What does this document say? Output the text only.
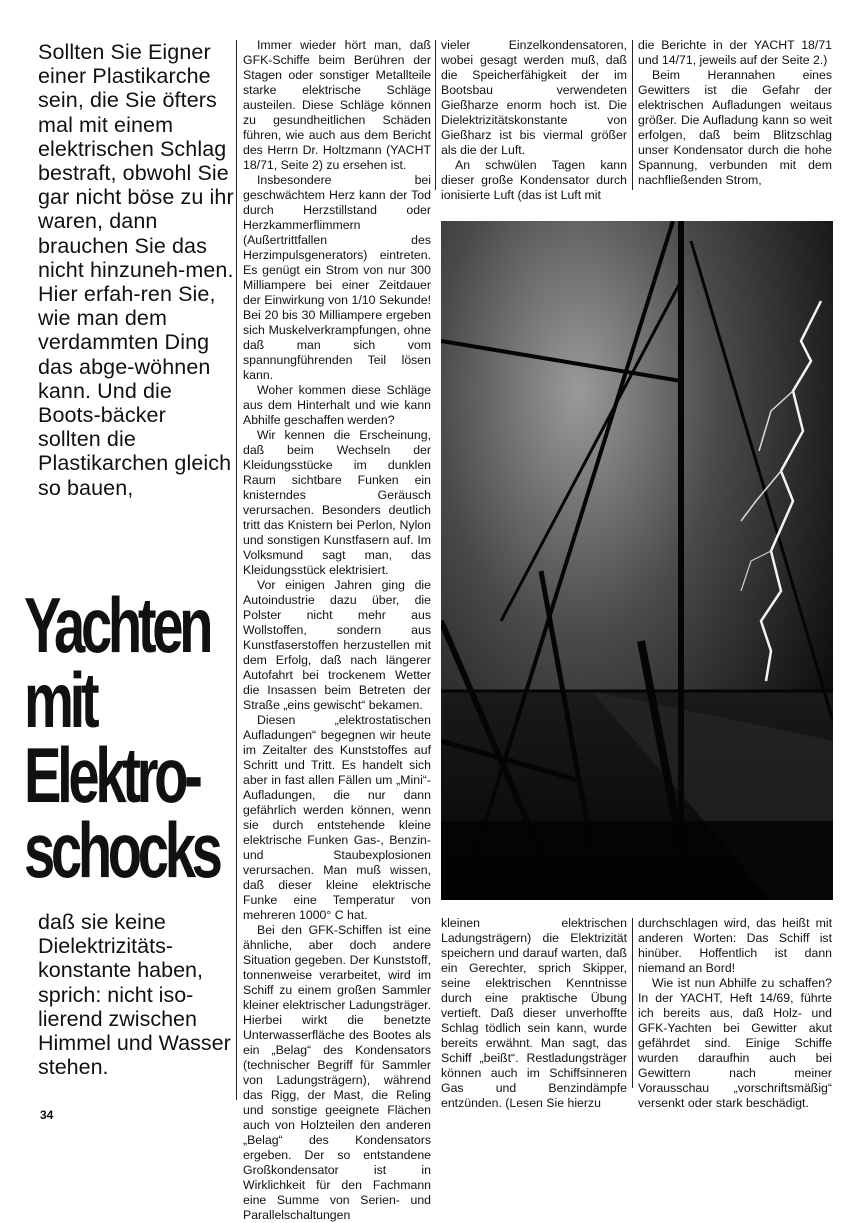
Sollten Sie Eigner einer Plastikarche sein, die Sie öfters mal mit einem elektrischen Schlag bestraft, obwohl Sie gar nicht böse zu ihr waren, dann brauchen Sie das nicht hinzuneh-men. Hier erfah-ren Sie, wie man dem verdammten Ding das abge-wöhnen kann. Und die Boots-bäcker sollten die Plastikarchen gleich so bauen,
Yachten
mit
Elektro-
schocks
daß sie keine Dielektrizitäts-konstante haben, sprich: nicht iso-lierend zwischen Himmel und Wasser stehen.

Immer wieder hört man, daß GFK-Schiffe beim Berühren der Stagen oder sonstiger Metallteile starke elektrische Schläge austeilen. Diese Schläge können zu gesundheitlichen Schäden führen, wie auch aus dem Bericht des Herrn Dr. Holtzmann (YACHT 18/71, Seite 2) zu ersehen ist.

Insbesondere bei geschwächtem Herz kann der Tod durch Herzstillstand oder Herzkammerflimmern (Außertrittfallen des Herzimpulsgenerators) eintreten. Es genügt ein Strom von nur 300 Milliampere bei einer Zeitdauer der Einwirkung von 1/10 Sekunde! Bei 20 bis 30 Milliampere ergeben sich Muskelverkrampfungen, ohne daß man sich vom spannungführenden Teil lösen kann.

Woher kommen diese Schläge aus dem Hinterhalt und wie kann Abhilfe geschaffen werden?

Wir kennen die Erscheinung, daß beim Wechseln der Kleidungsstücke im dunklen Raum sichtbare Funken ein knisterndes Geräusch verursachen. Besonders deutlich tritt das Knistern bei Perlon, Nylon und sonstigen Kunstfasern auf. Im Volksmund sagt man, das Kleidungsstück elektrisiert.

Vor einigen Jahren ging die Autoindustrie dazu über, die Polster nicht mehr aus Wollstoffen, sondern aus Kunstfaserstoffen herzustellen mit dem Erfolg, daß nach längerer Autofahrt bei trockenem Wetter die Insassen beim Betreten der Straße „eins gewischt“ bekamen.

Diesen „elektrostatischen Aufladungen“ begegnen wir heute im Zeitalter des Kunststoffes auf Schritt und Tritt. Es handelt sich aber in fast allen Fällen um „Mini“-Aufladungen, die nur dann gefährlich werden können, wenn sie durch entstehende kleine elektrische Funken Gas-, Benzin- und Staubexplosionen verursachen. Man muß wissen, daß dieser kleine elektrische Funke eine Temperatur von mehreren 1000° C hat.

Bei den GFK-Schiffen ist eine ähnliche, aber doch andere Situation gegeben. Der Kunststoff, tonnenweise verarbeitet, wird im Schiff zu einem großen Sammler kleiner elektrischer Ladungsträger. Hierbei wirkt die benetzte Unterwasserfläche des Bootes als ein „Belag“ des Kondensators (technischer Begriff für Sammler von Ladungsträgern), während das Rigg, der Mast, die Reling und sonstige geeignete Flächen auch von Holzteilen den anderen „Belag“ des Kondensators ergeben. Der so entstandene Großkondensator ist in Wirklichkeit für den Fachmann eine Summe von Serien- und Parallelschaltungen

vieler Einzelkondensatoren, wobei gesagt werden muß, daß die Speicherfähigkeit der im Bootsbau verwendeten Gießharze enorm hoch ist. Die Dielektrizitätskonstante von Gießharz ist bis viermal größer als die der Luft.

An schwülen Tagen kann dieser große Kondensator durch ionisierte Luft (das ist Luft mit

die Berichte in der YACHT 18/71 und 14/71, jeweils auf der Seite 2.)

Beim Herannahen eines Gewitters ist die Gefahr der elektrischen Aufladungen weitaus größer. Die Aufladung kann so weit erfolgen, daß beim Blitzschlag unser Kondensator durch die hohe Spannung, verbunden mit dem nachfließenden Strom,

kleinen elektrischen Ladungsträgern) die Elektrizität speichern und darauf warten, daß ein Gerechter, sprich Skipper, seine elektrischen Kenntnisse durch eine praktische Übung vertieft. Daß dieser unverhoffte Schlag tödlich sein kann, wurde bereits erwähnt. Man sagt, das Schiff „beißt“. Restladungsträger können auch im Schiffsinneren Gas und Benzindämpfe entzünden. (Lesen Sie hierzu

durchschlagen wird, das heißt mit anderen Worten: Das Schiff ist hinüber. Hoffentlich ist dann niemand an Bord!

Wie ist nun Abhilfe zu schaffen? In der YACHT, Heft 14/69, führte ich bereits aus, daß Holz- und GFK-Yachten bei Gewitter akut gefährdet sind. Einige Schiffe wurden daraufhin auch bei Gewittern nach meiner Vorausschau „vorschriftsmäßig“ versenkt oder stark beschädigt.

34
